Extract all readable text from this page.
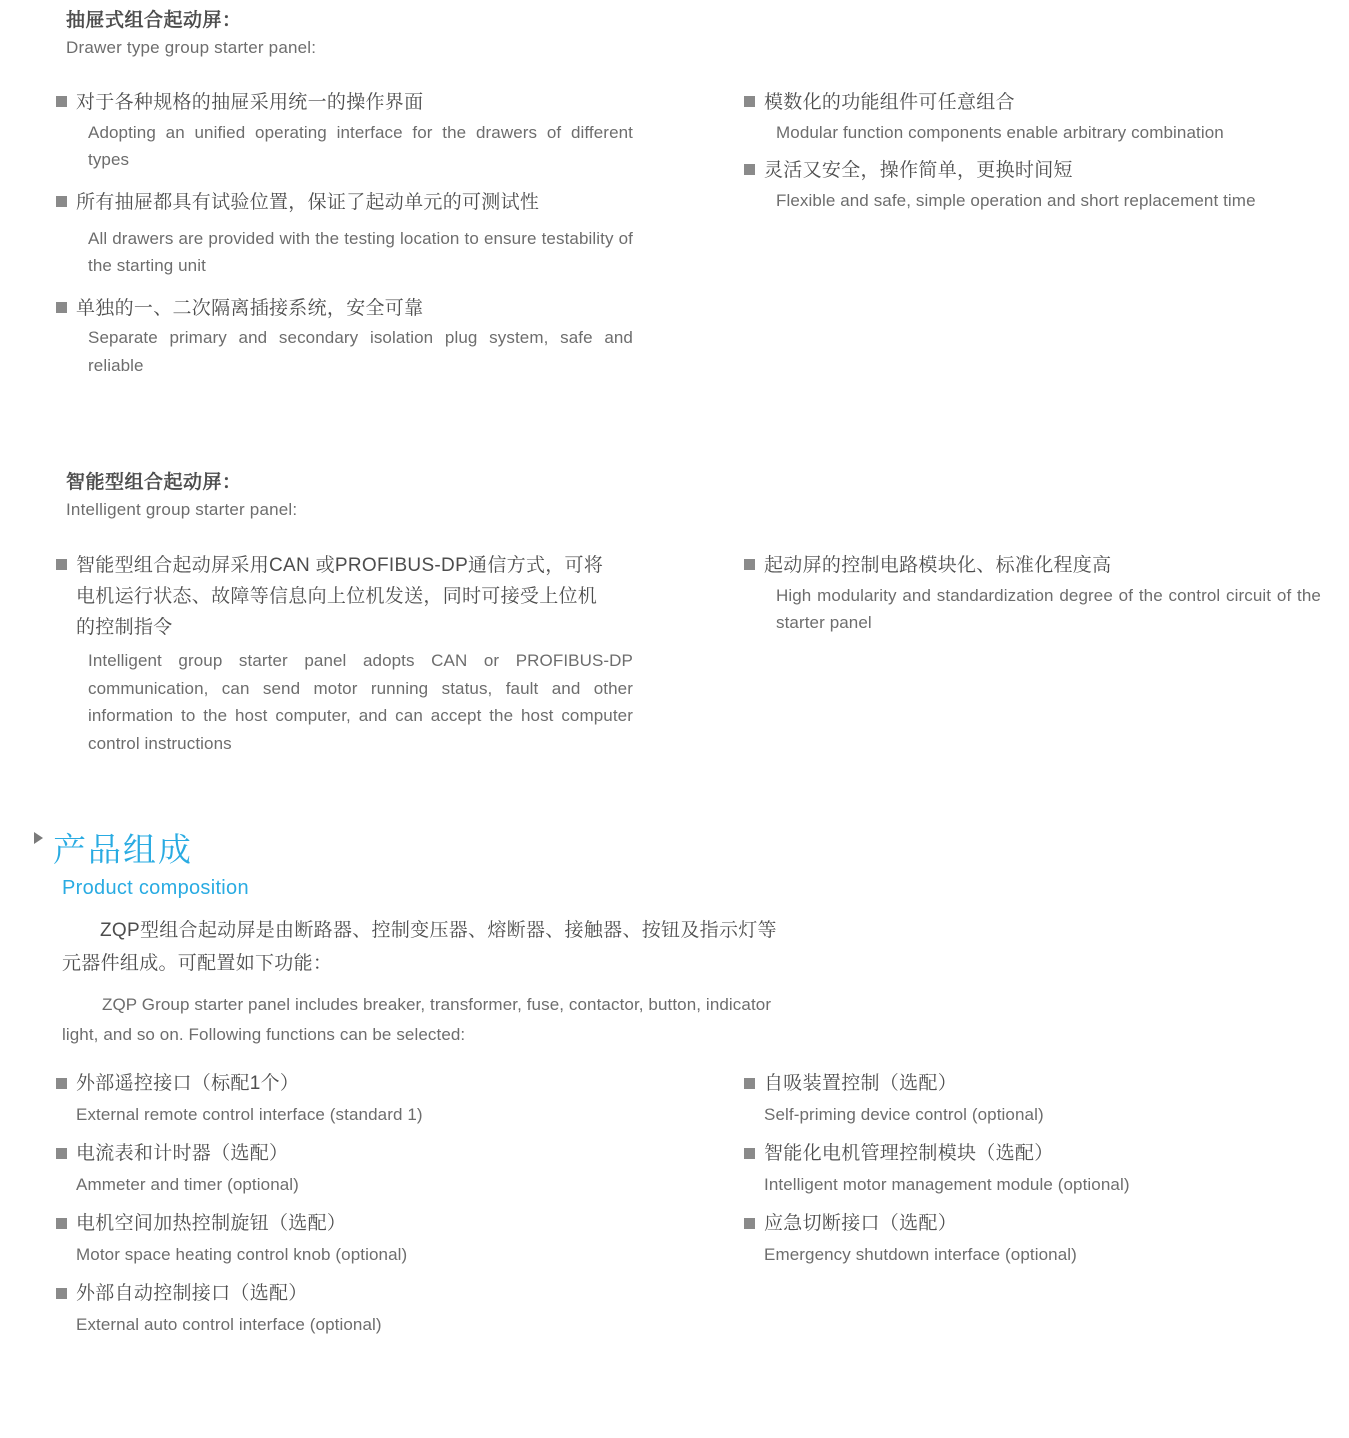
抽屉式组合起动屏：
Drawer type group starter panel:
对于各种规格的抽屉采用统一的操作界面
Adopting an unified operating interface for the drawers of different types
所有抽屉都具有试验位置，保证了起动单元的可测试性
All drawers are provided with the testing location to ensure testability of the starting unit
单独的一、二次隔离插接系统，安全可靠
Separate primary and secondary isolation plug system, safe and reliable
模数化的功能组件可任意组合
Modular function components enable arbitrary combination
灵活又安全，操作简单，更换时间短
Flexible and safe, simple operation and short replacement time
智能型组合起动屏：
Intelligent group starter panel:
智能型组合起动屏采用CAN 或PROFIBUS-DP通信方式，可将电机运行状态、故障等信息向上位机发送，同时可接受上位机的控制指令
Intelligent group starter panel adopts CAN or PROFIBUS-DP communication, can send motor running status, fault and other information to the host computer, and can accept the host computer control instructions
起动屏的控制电路模块化、标准化程度高
High modularity and standardization degree of the control circuit of the starter panel
产品组成
Product composition
ZQP型组合起动屏是由断路器、控制变压器、熔断器、接触器、按钮及指示灯等
元器件组成。可配置如下功能：
ZQP Group starter panel includes breaker, transformer, fuse, contactor, button, indicator
light, and so on. Following functions can be selected:
外部遥控接口（标配1个）
External remote control interface (standard 1)
电流表和计时器（选配）
Ammeter and timer (optional)
电机空间加热控制旋钮（选配）
Motor space heating control knob (optional)
外部自动控制接口（选配）
External auto control interface (optional)
自吸装置控制（选配）
Self-priming device control (optional)
智能化电机管理控制模块（选配）
Intelligent motor management module (optional)
应急切断接口（选配）
Emergency shutdown interface (optional)
